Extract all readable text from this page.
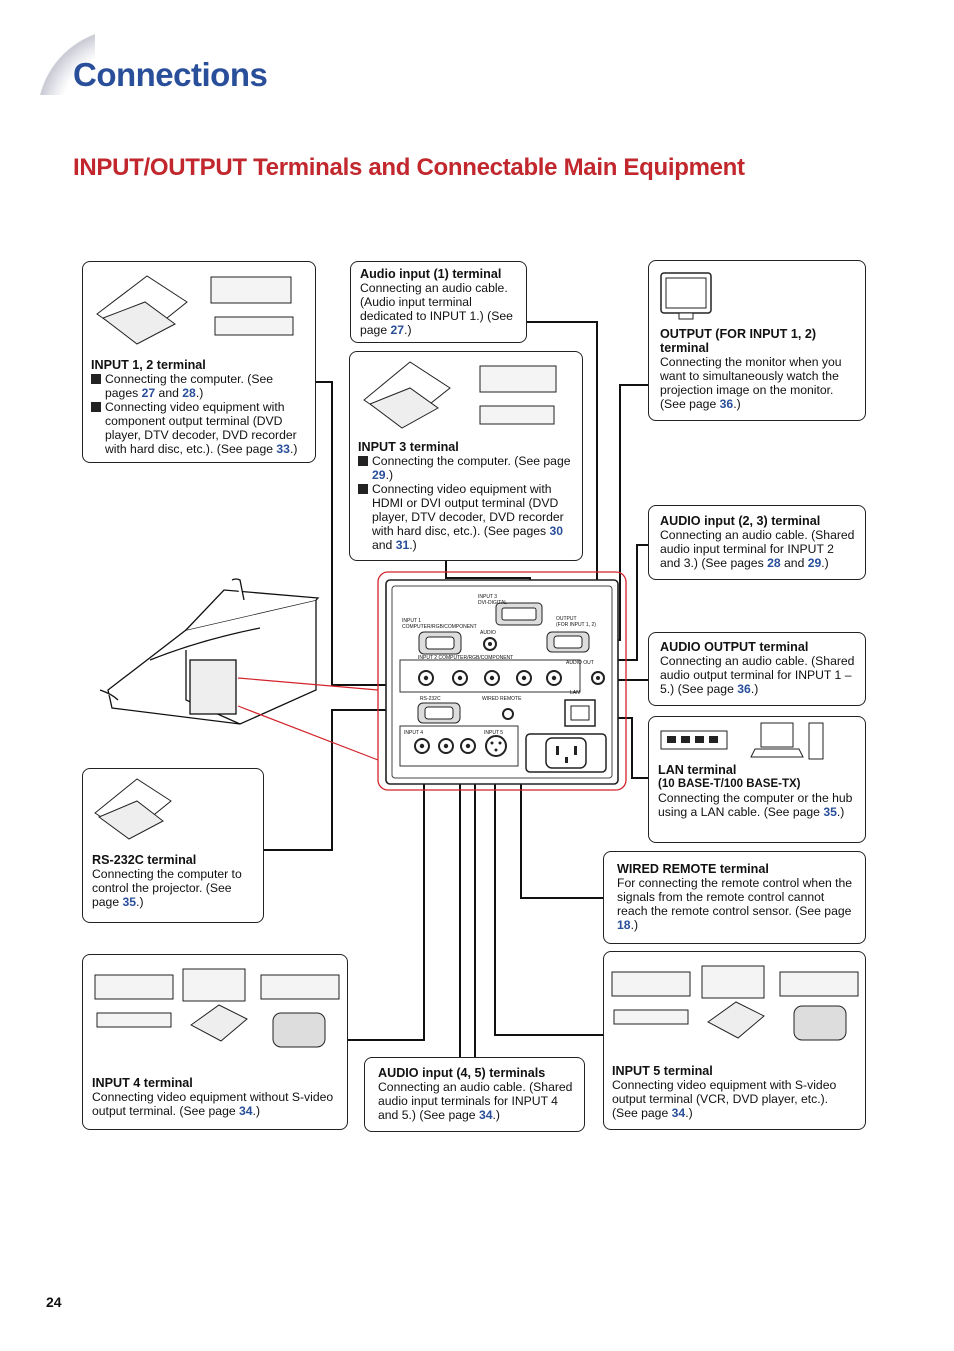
Connections
INPUT/OUTPUT Terminals and Connectable Main Equipment
INPUT 3
DVI-DIGITAL
OUTPUT
(FOR INPUT 1, 2)
INPUT 1
COMPUTER/RGB/COMPONENT
AUDIO
INPUT 2 COMPUTER/RGB/COMPONENT
AUDIO OUT
LAN
RS-232C	WIRED REMOTE
INPUT 4	INPUT 5
INPUT 1, 2 terminal

Connecting the computer. (See pages 27 and 28.)

Connecting video equipment with component output terminal (DVD player, DTV decoder, DVD recorder with hard disc, etc.). (See page 33.)

Audio input (1) terminal

Connecting an audio cable. (Audio input terminal dedicated to INPUT 1.) (See page 27.)

INPUT 3 terminal

Connecting the computer. (See page 29.)

Connecting video equipment with HDMI or DVI output terminal (DVD player, DTV decoder, DVD recorder with hard disc, etc.). (See pages 30 and 31.)

OUTPUT (FOR INPUT 1, 2) terminal

Connecting the monitor when you want to simultaneously watch the projection image on the monitor. (See page 36.)

AUDIO input (2, 3) terminal

Connecting an audio cable. (Shared audio input terminal for INPUT 2 and 3.) (See pages 28 and 29.)

AUDIO OUTPUT terminal

Connecting an audio cable. (Shared audio output terminal for INPUT 1 – 5.) (See page 36.)

LAN terminal

(10 BASE-T/100 BASE-TX)

Connecting the computer or the hub using a LAN cable. (See page 35.)

RS-232C terminal

Connecting the computer to control the projector. (See page 35.)

WIRED REMOTE terminal

For connecting the remote control when the signals from the remote control cannot reach the remote control sensor. (See page 18.)

INPUT 4 terminal

Connecting video equipment without S-video output terminal. (See page 34.)

AUDIO input (4, 5) terminals

Connecting an audio cable. (Shared audio input terminals for INPUT 4 and 5.) (See page 34.)

INPUT 5 terminal

Connecting video equipment with S-video output terminal (VCR, DVD player, etc.). (See page 34.)

24
